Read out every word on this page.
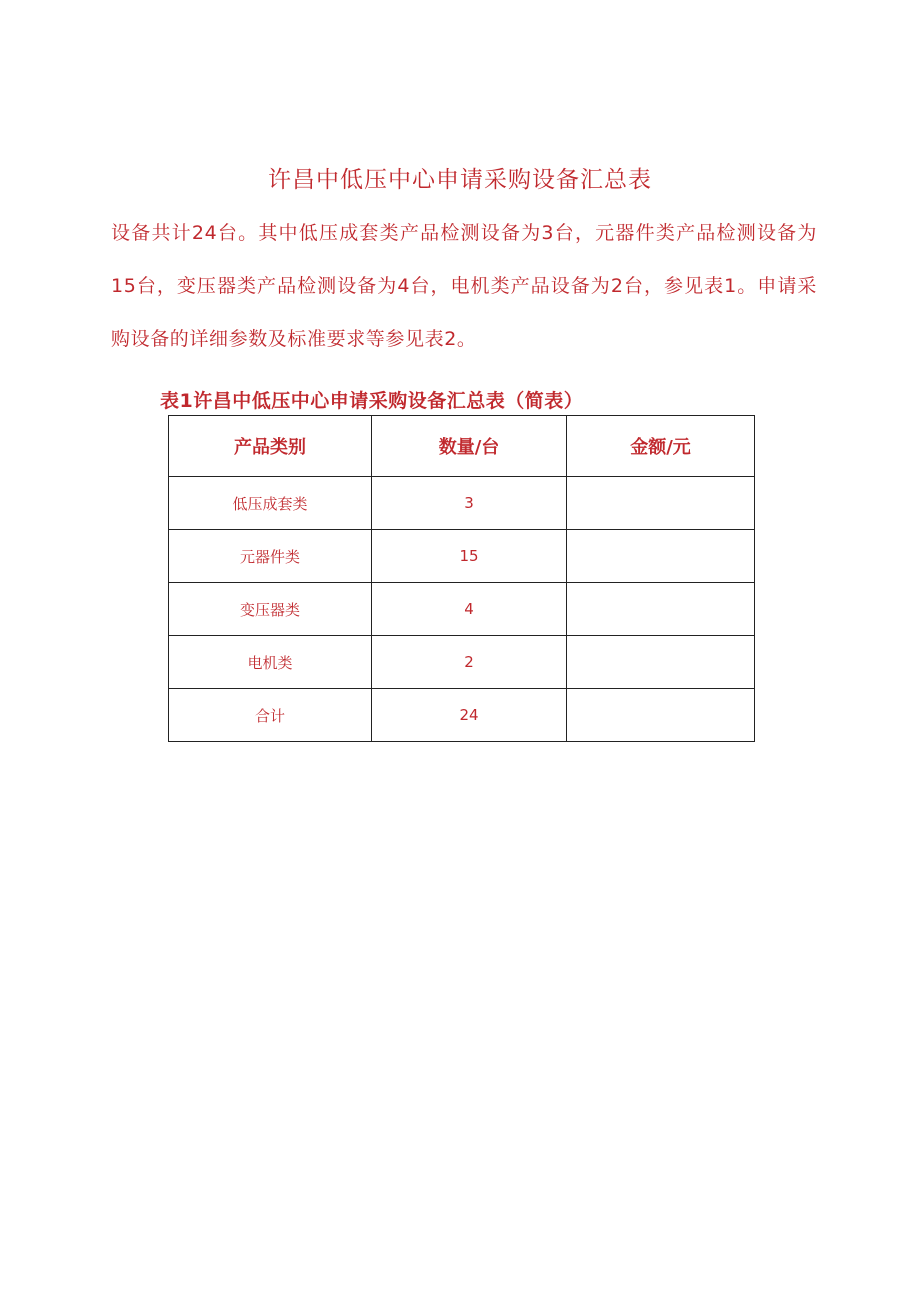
许昌中低压中心申请采购设备汇总表
设备共计24台。其中低压成套类产品检测设备为3台，元器件类产品检测设备为15台，变压器类产品检测设备为4台，电机类产品设备为2台，参见表1。申请采购设备的详细参数及标准要求等参见表2。
表1许昌中低压中心申请采购设备汇总表（简表）
产品类别	数量/台	金额/元
低压成套类	3	
元器件类	15	
变压器类	4	
电机类	2	
合计	24	
